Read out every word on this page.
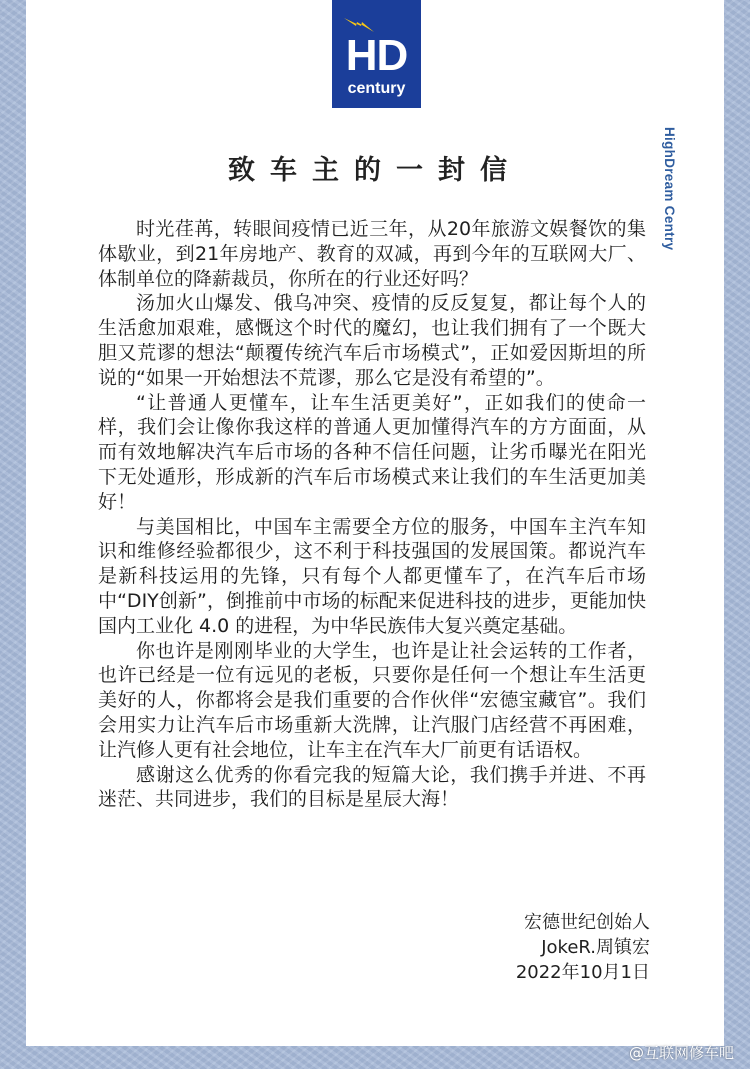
HD
century
HighDream Centry
致车主的一封信

时光荏苒，转眼间疫情已近三年，从20年旅游文娱餐饮的集体歇业，到21年房地产、教育的双减，再到今年的互联网大厂、体制单位的降薪裁员，你所在的行业还好吗？

汤加火山爆发、俄乌冲突、疫情的反反复复，都让每个人的生活愈加艰难，感慨这个时代的魔幻，也让我们拥有了一个既大胆又荒谬的想法“颠覆传统汽车后市场模式”，正如爱因斯坦的所说的“如果一开始想法不荒谬，那么它是没有希望的”。

“让普通人更懂车，让车生活更美好”，正如我们的使命一样，我们会让像你我这样的普通人更加懂得汽车的方方面面，从而有效地解决汽车后市场的各种不信任问题，让劣币曝光在阳光下无处遁形，形成新的汽车后市场模式来让我们的车生活更加美好！

与美国相比，中国车主需要全方位的服务，中国车主汽车知识和维修经验都很少，这不利于科技强国的发展国策。都说汽车是新科技运用的先锋，只有每个人都更懂车了，在汽车后市场中“DIY创新”，倒推前中市场的标配来促进科技的进步，更能加快国内工业化 4.0 的进程，为中华民族伟大复兴奠定基础。

你也许是刚刚毕业的大学生，也许是让社会运转的工作者，也许已经是一位有远见的老板，只要你是任何一个想让车生活更美好的人，你都将会是我们重要的合作伙伴“宏德宝藏官”。我们会用实力让汽车后市场重新大洗牌，让汽服门店经营不再困难，让汽修人更有社会地位，让车主在汽车大厂前更有话语权。

感谢这么优秀的你看完我的短篇大论，我们携手并进、不再迷茫、共同进步，我们的目标是星辰大海！

宏德世纪创始人
JokeR.周镇宏
2022年10月1日
@互联网修车吧
